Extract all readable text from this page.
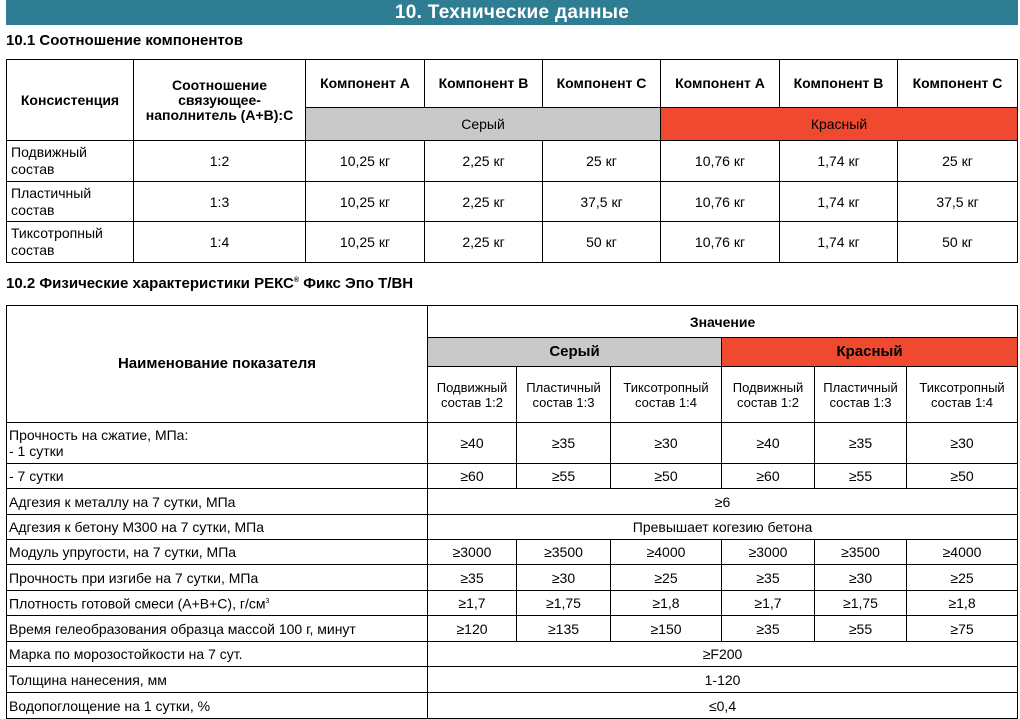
10. Технические данные
10.1 Соотношение компонентов
Консистенция	Соотношение связующее-наполнитель (А+В):С	Компонент А	Компонент В	Компонент С	Компонент А	Компонент В	Компонент С
		Серый			Красный		
Подвижный состав	1:2	10,25 кг	2,25 кг	25 кг	10,76 кг	1,74 кг	25 кг
Пластичный состав	1:3	10,25 кг	2,25 кг	37,5 кг	10,76 кг	1,74 кг	37,5 кг
Тиксотропный состав	1:4	10,25 кг	2,25 кг	50 кг	10,76 кг	1,74 кг	50 кг
10.2 Физические характеристики РЕКС® Фикс Эпо Т/ВН
Наименование показателя	Значение					
	Серый			Красный		
	Подвижный состав 1:2	Пластичный состав 1:3	Тиксотропный состав 1:4	Подвижный состав 1:2	Пластичный состав 1:3	Тиксотропный состав 1:4

Прочность на сжатие, МПа:
- 1 сутки	≥40	≥35	≥30	≥40	≥35	≥30
- 7 сутки	≥60	≥55	≥50	≥60	≥55	≥50
Адгезия к металлу на 7 сутки, МПа	≥6					
Адгезия к бетону М300 на 7 сутки, МПа	Превышает когезию бетона					
Модуль упругости, на 7 сутки, МПа	≥3000	≥3500	≥4000	≥3000	≥3500	≥4000
Прочность при изгибе на 7 сутки, МПа	≥35	≥30	≥25	≥35	≥30	≥25
Плотность готовой смеси (А+В+С), $г/см^3$	≥1,7	≥1,75	≥1,8	≥1,7	≥1,75	≥1,8
Время гелеобразования образца массой 100 г, минут	≥120	≥135	≥150	≥35	≥55	≥75
Марка по морозостойкости на 7 сут.	≥F200					
Толщина нанесения, мм	1-120					
Водопоглощение на 1 сутки, %	≤0,4					
